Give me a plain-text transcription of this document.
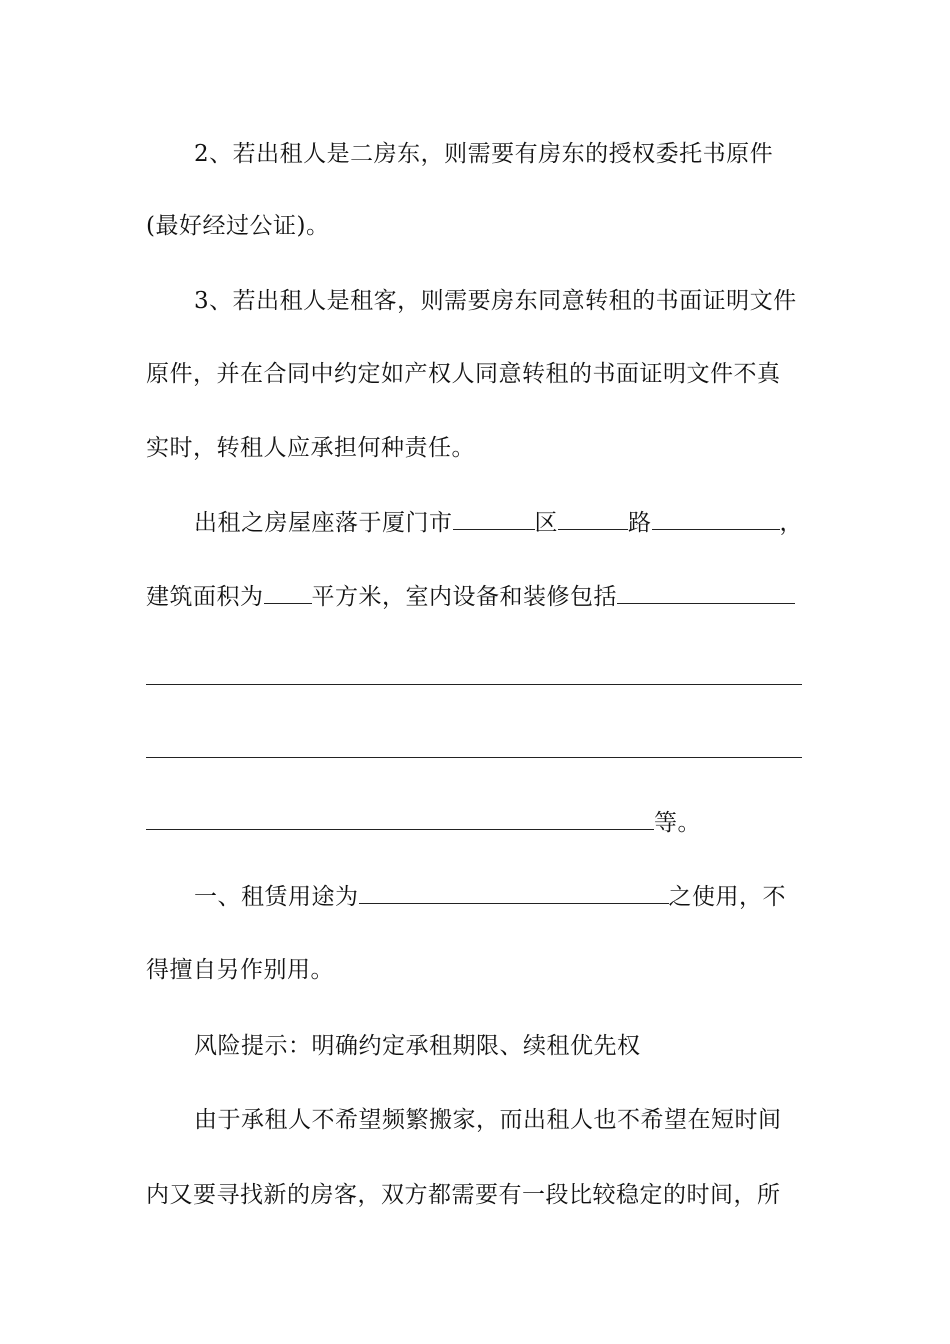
2、若出租人是二房东，则需要有房东的授权委托书原件
(最好经过公证)。
3、若出租人是租客，则需要房东同意转租的书面证明文件
原件，并在合同中约定如产权人同意转租的书面证明文件不真
实时，转租人应承担何种责任。
出租之房屋座落于厦门市	区	路	，
建筑面积为 平方米，室内设备和装修包括
等。
一、租赁用途为	之使用，不
得擅自另作别用。
风险提示：明确约定承租期限、续租优先权
由于承租人不希望频繁搬家，而出租人也不希望在短时间
内又要寻找新的房客，双方都需要有一段比较稳定的时间，所
